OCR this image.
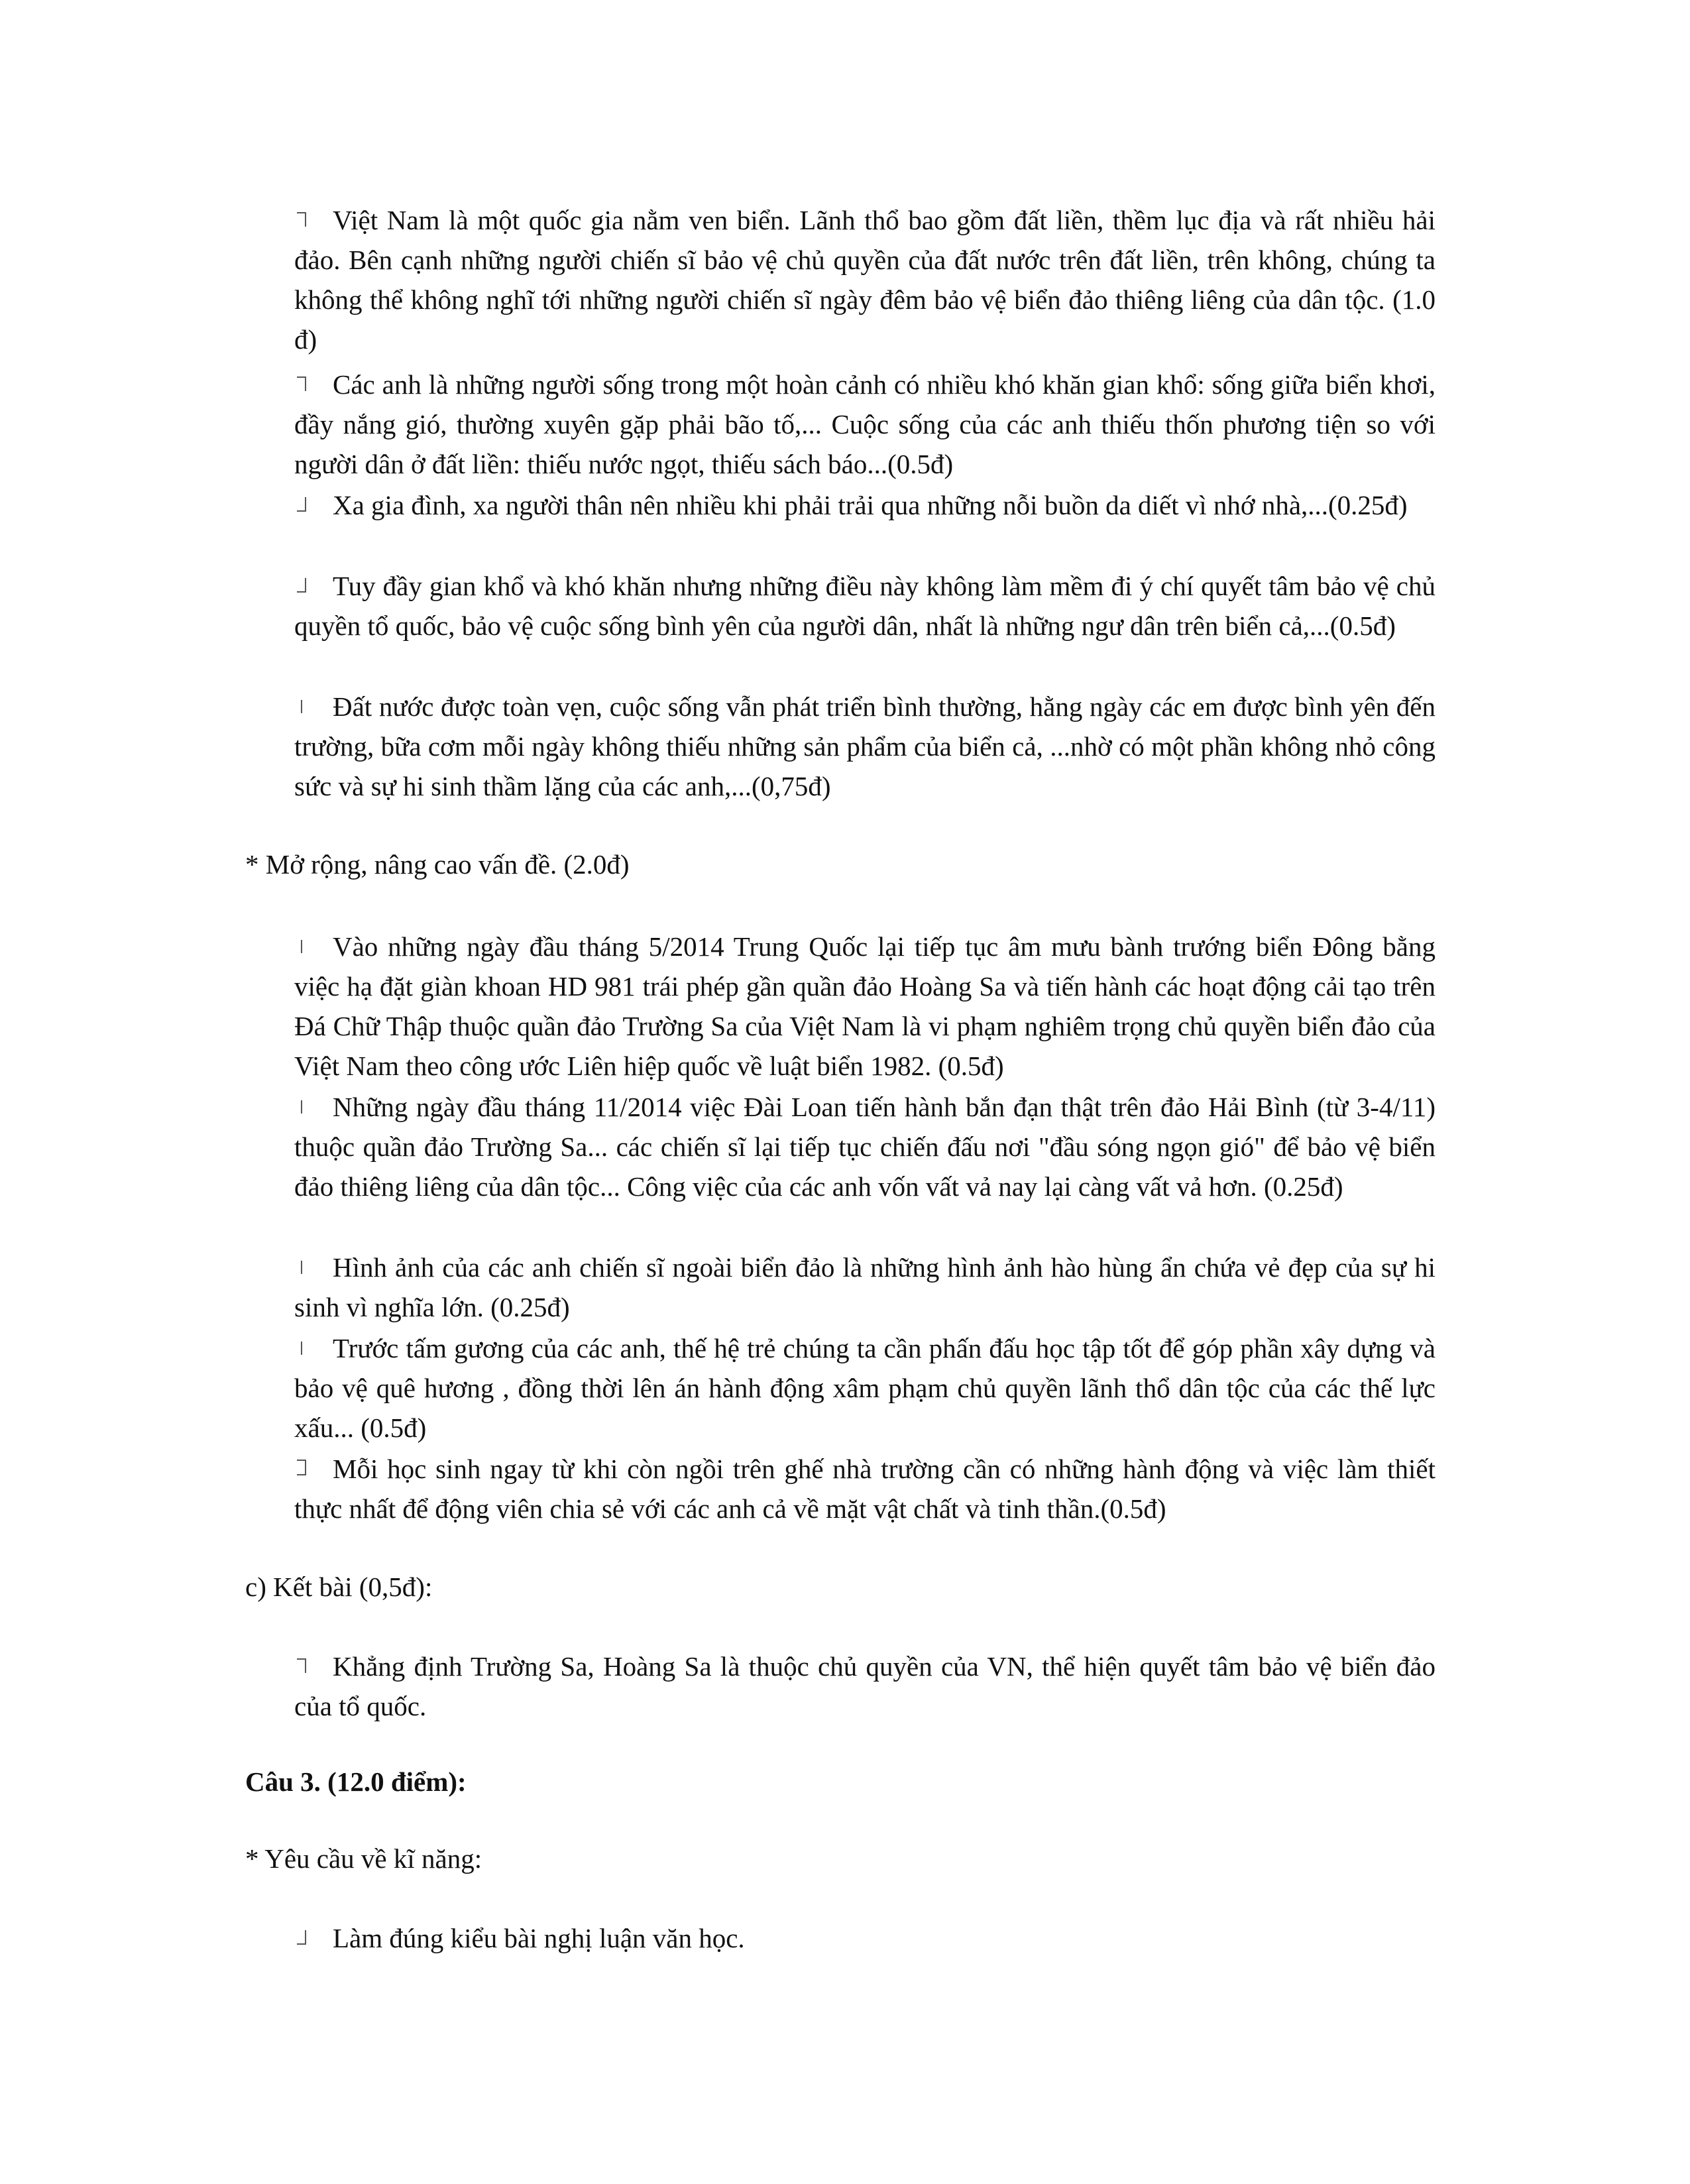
Việt Nam là một quốc gia nằm ven biển. Lãnh thổ bao gồm đất liền, thềm lục địa và rất nhiều hải đảo. Bên cạnh những người chiến sĩ bảo vệ chủ quyền của đất nước trên đất liền, trên không, chúng ta không thể không nghĩ tới những người chiến sĩ ngày đêm bảo vệ biển đảo thiêng liêng của dân tộc. (1.0 đ)

Các anh là những người sống trong một hoàn cảnh có nhiều khó khăn gian khổ: sống giữa biển khơi, đầy nắng gió, thường xuyên gặp phải bão tố,... Cuộc sống của các anh thiếu thốn phương tiện so với người dân ở đất liền: thiếu nước ngọt, thiếu sách báo...(0.5đ)

Xa gia đình, xa người thân nên nhiều khi phải trải qua những nỗi buồn da diết vì nhớ nhà,...(0.25đ)

Tuy đầy gian khổ và khó khăn nhưng những điều này không làm mềm đi ý chí quyết tâm bảo vệ chủ quyền tổ quốc, bảo vệ cuộc sống bình yên của người dân, nhất là những ngư dân trên biển cả,...(0.5đ)

Đất nước được toàn vẹn, cuộc sống vẫn phát triển bình thường, hằng ngày các em được bình yên đến trường, bữa cơm mỗi ngày không thiếu những sản phẩm của biển cả, ...nhờ có một phần không nhỏ công sức và sự hi sinh thầm lặng của các anh,...(0,75đ)

* Mở rộng, nâng cao vấn đề. (2.0đ)

Vào những ngày đầu tháng 5/2014 Trung Quốc lại tiếp tục âm mưu bành trướng biển Đông bằng việc hạ đặt giàn khoan HD 981 trái phép gần quần đảo Hoàng Sa và tiến hành các hoạt động cải tạo trên Đá Chữ Thập thuộc quần đảo Trường Sa của Việt Nam là vi phạm nghiêm trọng chủ quyền biển đảo của Việt Nam theo công ước Liên hiệp quốc về luật biển 1982. (0.5đ)

Những ngày đầu tháng 11/2014 việc Đài Loan tiến hành bắn đạn thật trên đảo Hải Bình (từ 3-4/11) thuộc quần đảo Trường Sa... các chiến sĩ lại tiếp tục chiến đấu nơi "đầu sóng ngọn gió" để bảo vệ biển đảo thiêng liêng của dân tộc... Công việc của các anh vốn vất vả nay lại càng vất vả hơn. (0.25đ)

Hình ảnh của các anh chiến sĩ ngoài biển đảo là những hình ảnh hào hùng ẩn chứa vẻ đẹp của sự hi sinh vì nghĩa lớn. (0.25đ)

Trước tấm gương của các anh, thế hệ trẻ chúng ta cần phấn đấu học tập tốt để góp phần xây dựng và bảo vệ quê hương , đồng thời lên án hành động xâm phạm chủ quyền lãnh thổ dân tộc của các thế lực xấu... (0.5đ)

Mỗi học sinh ngay từ khi còn ngồi trên ghế nhà trường cần có những hành động và việc làm thiết thực nhất để động viên chia sẻ với các anh cả về mặt vật chất và tinh thần.(0.5đ)

c) Kết bài (0,5đ):

Khẳng định Trường Sa, Hoàng Sa là thuộc chủ quyền của VN, thể hiện quyết tâm bảo vệ biển đảo của tổ quốc.

Câu 3. (12.0 điểm):

* Yêu cầu về kĩ năng:

Làm đúng kiểu bài nghị luận văn học.
